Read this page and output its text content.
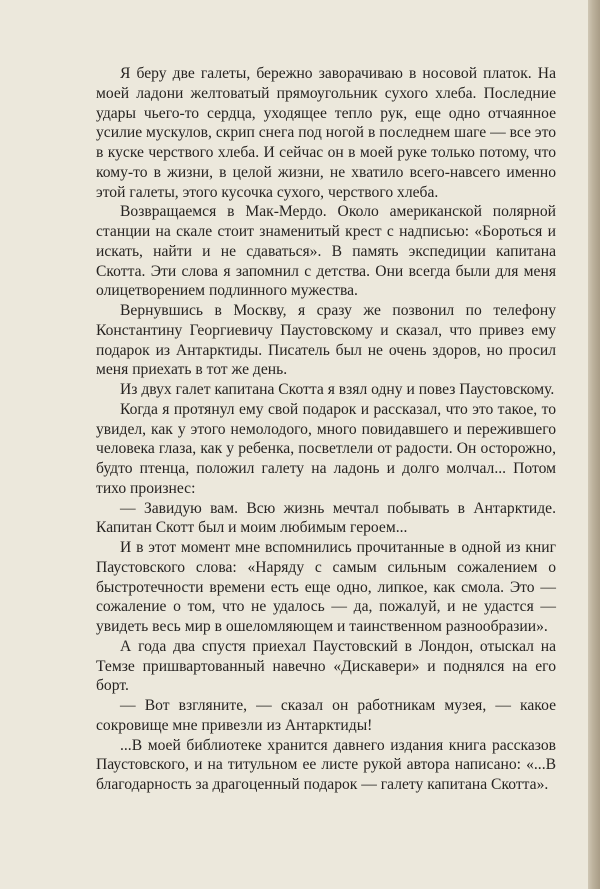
Я беру две галеты, бережно заворачиваю в носовой платок. На моей ладони желтоватый прямоугольник сухого хлеба. Последние удары чьего-то сердца, уходящее тепло рук, еще одно отчаянное усилие мускулов, скрип снега под ногой в последнем шаге — все это в куске черствого хлеба. И сейчас он в моей руке только потому, что кому-то в жизни, в целой жизни, не хватило всего-навсего именно этой галеты, этого кусочка сухого, черствого хлеба.

Возвращаемся в Мак-Мердо. Около американской полярной станции на скале стоит знаменитый крест с надписью: «Бороться и искать, найти и не сдаваться». В память экспедиции капитана Скотта. Эти слова я запомнил с детства. Они всегда были для меня олицетворением подлинного мужества.

Вернувшись в Москву, я сразу же позвонил по телефону Константину Георгиевичу Паустовскому и сказал, что привез ему подарок из Антарктиды. Писатель был не очень здоров, но просил меня приехать в тот же день.

Из двух галет капитана Скотта я взял одну и повез Паустовскому.

Когда я протянул ему свой подарок и рассказал, что это такое, то увидел, как у этого немолодого, много повидавшего и пережившего человека глаза, как у ребенка, посветлели от радости. Он осторожно, будто птенца, положил галету на ладонь и долго молчал... Потом тихо произнес:

— Завидую вам. Всю жизнь мечтал побывать в Антарктиде. Капитан Скотт был и моим любимым героем...

И в этот момент мне вспомнились прочитанные в одной из книг Паустовского слова: «Наряду с самым сильным сожалением о быстротечности времени есть еще одно, липкое, как смола. Это — сожаление о том, что не удалось — да, пожалуй, и не удастся — увидеть весь мир в ошеломляющем и таинственном разнообразии».

А года два спустя приехал Паустовский в Лондон, отыскал на Темзе пришвартованный навечно «Дискавери» и поднялся на его борт.

— Вот взгляните, — сказал он работникам музея, — какое сокровище мне привезли из Антарктиды!

...В моей библиотеке хранится давнего издания книга рассказов Паустовского, и на титульном ее листе рукой автора написано: «...В благодарность за драгоценный подарок — галету капитана Скотта».
